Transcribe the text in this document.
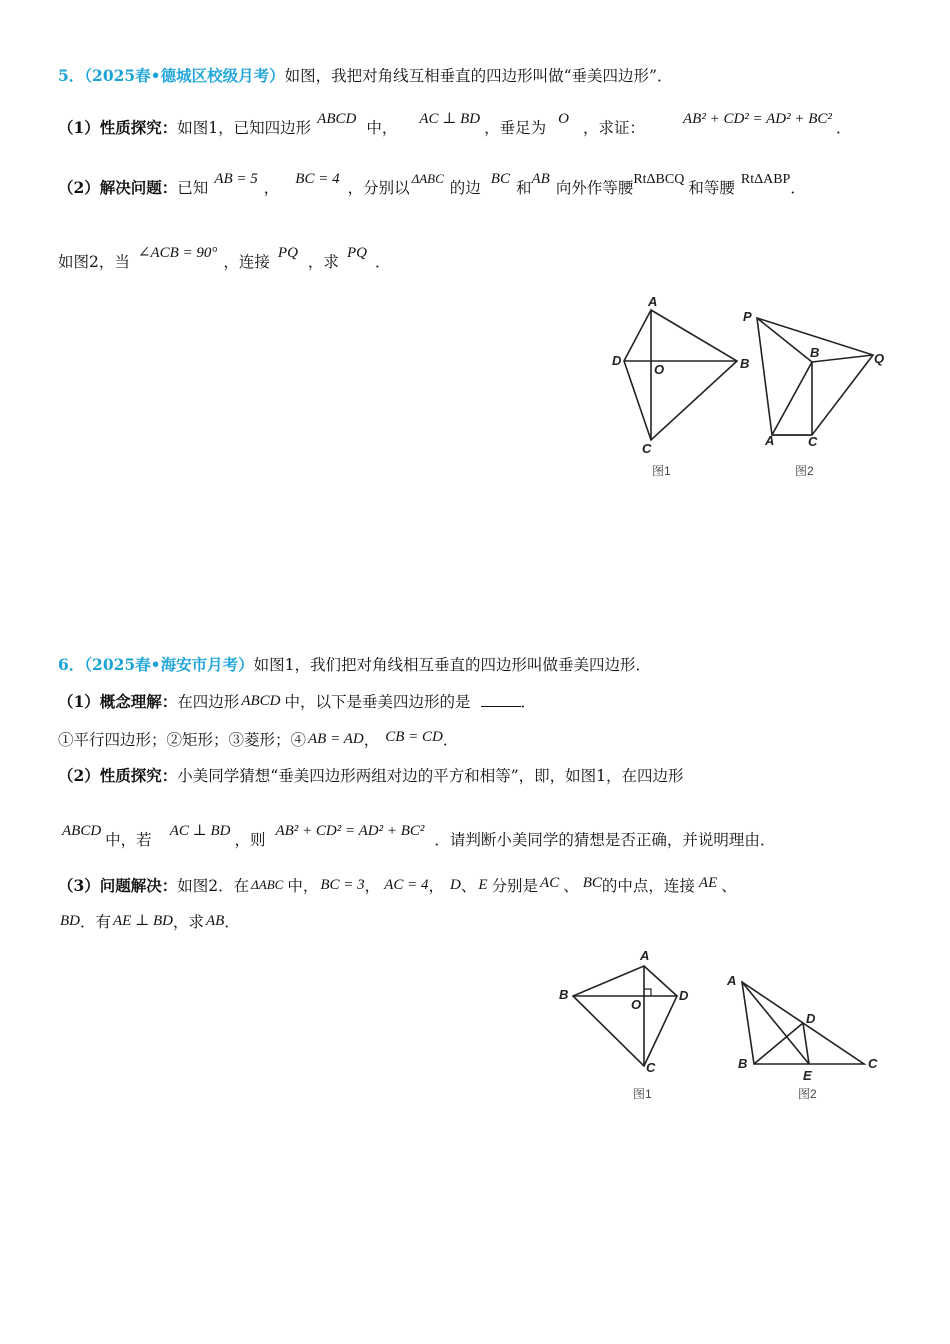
5．（2025春•德城区校级月考）如图，我把对角线互相垂直的四边形叫做“垂美四边形”．
（1）性质探究：如图1，已知四边形 ABCD 中， AC ⊥ BD ，垂足为 O ，求证：	AB² + CD² = AD² + BC² ．
（2）解决问题：已知 AB = 5 ， BC = 4 ，分别以$^{\Delta ABC}$的边 BC 和AB 向外作等腰RtΔBCQ 和等腰 RtΔABP．
如图2，当 ∠ACB = 90° ，连接 PQ ，求 PQ ．
A
B
C
D
O
图1
P
B	Q
A	C
图2
6．（2025春•海安市月考）如图1，我们把对角线相互垂直的四边形叫做垂美四边形．
（1）概念理解：在四边形 ABCD 中，以下是垂美四边形的是	．
①平行四边形；②矩形；③菱形；④ AB = AD， CB = CD．
（2）性质探究：小美同学猜想“垂美四边形两组对边的平方和相等”，即，如图1，在四边形
ABCD 中，若 AC ⊥ BD ，则 AB² + CD² = AD² + BC² ．请判断小美同学的猜想是否正确，并说明理由．
（3）问题解决：如图2．在 ΔABC 中， BC = 3， AC = 4， D、 E 分别是 AC 、 BC的中点，连接 AE 、
BD．有 AE ⊥ BD，求 AB．
A
B	D
O
C
图1
A
B	C
D
E
图2
